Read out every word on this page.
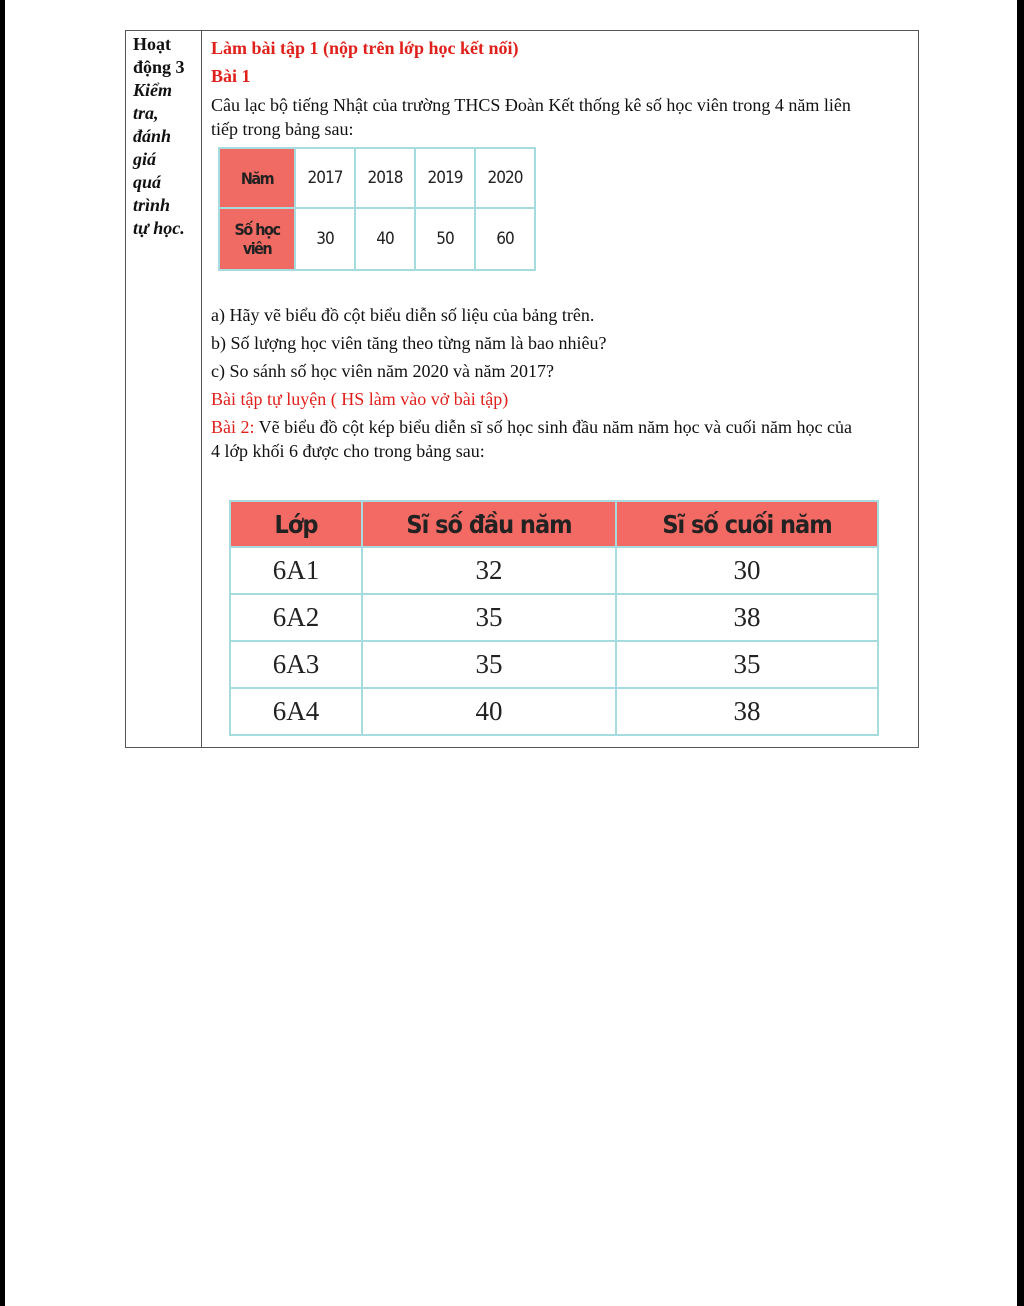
Hoạt
động 3
Kiểm
tra,
đánh
giá
quá
trình
tự học.

Làm bài tập 1 (nộp trên lớp học kết nối)

Bài 1

Câu lạc bộ tiếng Nhật của trường THCS Đoàn Kết thống kê số học viên trong 4 năm liên

tiếp trong bảng sau:

a) Hãy vẽ biểu đồ cột biểu diễn số liệu của bảng trên.

b) Số lượng học viên tăng theo từng năm là bao nhiêu?

c) So sánh số học viên năm 2020 và năm 2017?

Bài tập tự luyện ( HS làm vào vở bài tập)

Bài 2: Vẽ biểu đồ cột kép biểu diễn sĩ số học sinh đầu năm năm học và cuối năm học của

4 lớp khối 6 được cho trong bảng sau:

Năm	2017	2018	2019	2020
Số học viên	30	40	50	60
Lớp	Sĩ số đầu năm	Sĩ số cuối năm
6A1	32	30
6A2	35	38
6A3	35	35
6A4	40	38
